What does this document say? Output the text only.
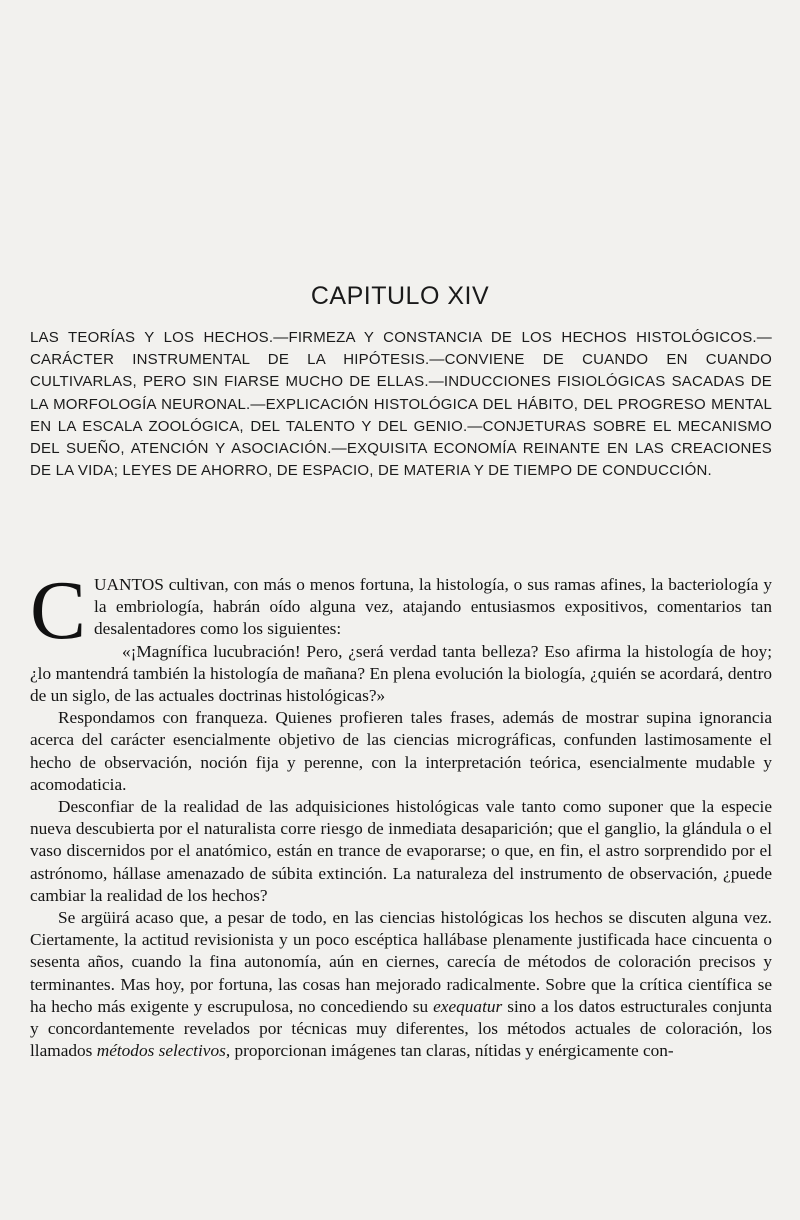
CAPITULO XIV
LAS TEORÍAS Y LOS HECHOS.—FIRMEZA Y CONSTANCIA DE LOS HECHOS HISTOLÓGICOS.—CARÁCTER INSTRUMENTAL DE LA HIPÓTESIS.—CONVIENE DE CUANDO EN CUANDO CULTIVARLAS, PERO SIN FIARSE MUCHO DE ELLAS.—INDUCCIONES FISIOLÓGICAS SACADAS DE LA MORFOLOGÍA NEURONAL.—EXPLICACIÓN HISTOLÓGICA DEL HÁBITO, DEL PROGRESO MENTAL EN LA ESCALA ZOOLÓGICA, DEL TALENTO Y DEL GENIO.—CONJETURAS SOBRE EL MECANISMO DEL SUEÑO, ATENCIÓN Y ASOCIACIÓN.—EXQUISITA ECONOMÍA REINANTE EN LAS CREACIONES DE LA VIDA; LEYES DE AHORRO, DE ESPACIO, DE MATERIA Y DE TIEMPO DE CONDUCCIÓN.

CUANTOS cultivan, con más o menos fortuna, la histología, o sus ramas afines, la bacteriología y la embriología, habrán oído alguna vez, atajando entusiasmos expositivos, comentarios tan desalentadores como los siguientes:

«¡Magnífica lucubración! Pero, ¿será verdad tanta belleza? Eso afirma la histología de hoy; ¿lo mantendrá también la histología de mañana? En plena evolución la biología, ¿quién se acordará, dentro de un siglo, de las actuales doctrinas histológicas?»

Respondamos con franqueza. Quienes profieren tales frases, además de mostrar supina ignorancia acerca del carácter esencialmente objetivo de las ciencias micrográficas, confunden lastimosamente el hecho de observación, noción fija y perenne, con la interpretación teórica, esencialmente mudable y acomodaticia.

Desconfiar de la realidad de las adquisiciones histológicas vale tanto como suponer que la especie nueva descubierta por el naturalista corre riesgo de inmediata desaparición; que el ganglio, la glándula o el vaso discernidos por el anatómico, están en trance de evaporarse; o que, en fin, el astro sorprendido por el astrónomo, hállase amenazado de súbita extinción. La naturaleza del instrumento de observación, ¿puede cambiar la realidad de los hechos?

Se argüirá acaso que, a pesar de todo, en las ciencias histológicas los hechos se discuten alguna vez. Ciertamente, la actitud revisionista y un poco escéptica hallábase plenamente justificada hace cincuenta o sesenta años, cuando la fina autonomía, aún en ciernes, carecía de métodos de coloración precisos y terminantes. Mas hoy, por fortuna, las cosas han mejorado radicalmente. Sobre que la crítica científica se ha hecho más exigente y escrupulosa, no concediendo su exequatur sino a los datos estructurales conjunta y concordantemente revelados por técnicas muy diferentes, los métodos actuales de coloración, los llamados métodos selectivos, proporcionan imágenes tan claras, nítidas y enérgicamente con-
